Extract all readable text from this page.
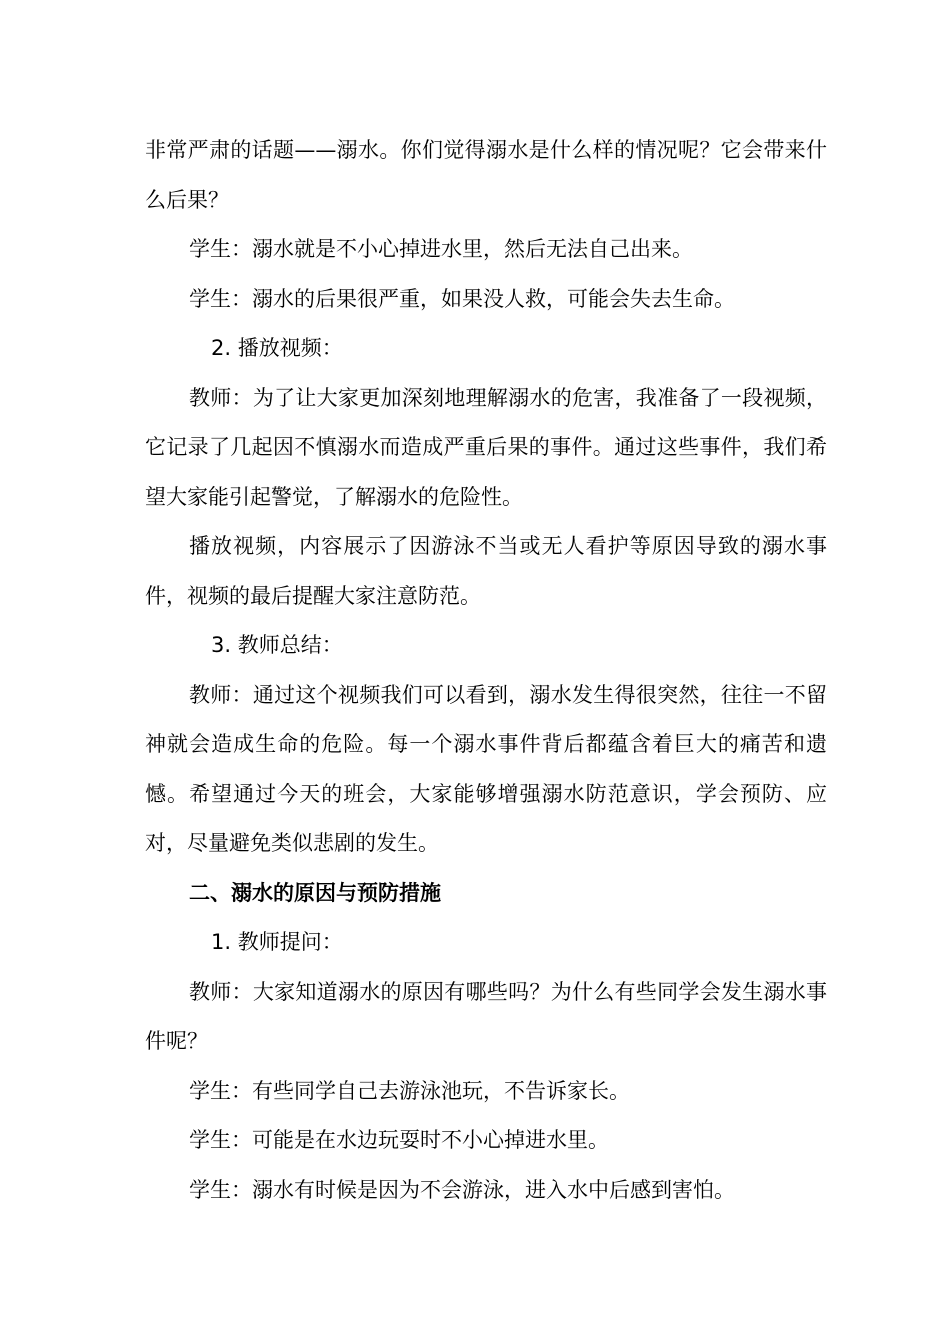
非常严肃的话题——溺水。你们觉得溺水是什么样的情况呢？它会带来什么后果？

学生：溺水就是不小心掉进水里，然后无法自己出来。

学生：溺水的后果很严重，如果没人救，可能会失去生命。

2. 播放视频：

教师：为了让大家更加深刻地理解溺水的危害，我准备了一段视频，它记录了几起因不慎溺水而造成严重后果的事件。通过这些事件，我们希望大家能引起警觉，了解溺水的危险性。

播放视频，内容展示了因游泳不当或无人看护等原因导致的溺水事件，视频的最后提醒大家注意防范。

3. 教师总结：

教师：通过这个视频我们可以看到，溺水发生得很突然，往往一不留神就会造成生命的危险。每一个溺水事件背后都蕴含着巨大的痛苦和遗憾。希望通过今天的班会，大家能够增强溺水防范意识，学会预防、应对，尽量避免类似悲剧的发生。

二、溺水的原因与预防措施

1. 教师提问：

教师：大家知道溺水的原因有哪些吗？为什么有些同学会发生溺水事件呢？

学生：有些同学自己去游泳池玩，不告诉家长。

学生：可能是在水边玩耍时不小心掉进水里。

学生：溺水有时候是因为不会游泳，进入水中后感到害怕。
